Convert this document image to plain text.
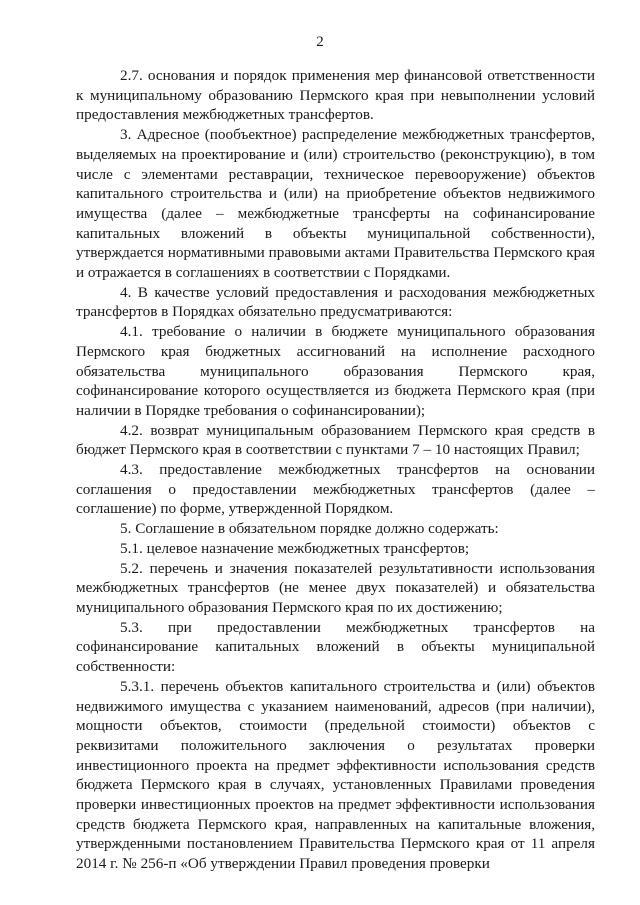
2

2.7. основания и порядок применения мер финансовой ответственности к муниципальному образованию Пермского края при невыполнении условий предоставления межбюджетных трансфертов.

3. Адресное (пообъектное) распределение межбюджетных трансфертов, выделяемых на проектирование и (или) строительство (реконструкцию), в том числе с элементами реставрации, техническое перевооружение) объектов капитального строительства и (или) на приобретение объектов недвижимого имущества (далее – межбюджетные трансферты на софинансирование капитальных вложений в объекты муниципальной собственности), утверждается нормативными правовыми актами Правительства Пермского края и отражается в соглашениях в соответствии с Порядками.

4. В качестве условий предоставления и расходования межбюджетных трансфертов в Порядках обязательно предусматриваются:

4.1. требование о наличии в бюджете муниципального образования Пермского края бюджетных ассигнований на исполнение расходного обязательства муниципального образования Пермского края, софинансирование которого осуществляется из бюджета Пермского края (при наличии в Порядке требования о софинансировании);

4.2. возврат муниципальным образованием Пермского края средств в бюджет Пермского края в соответствии с пунктами 7 – 10 настоящих Правил;

4.3. предоставление межбюджетных трансфертов на основании соглашения о предоставлении межбюджетных трансфертов (далее – соглашение) по форме, утвержденной Порядком.

5. Соглашение в обязательном порядке должно содержать:

5.1. целевое назначение межбюджетных трансфертов;

5.2. перечень и значения показателей результативности использования межбюджетных трансфертов (не менее двух показателей) и обязательства муниципального образования Пермского края по их достижению;

5.3. при предоставлении межбюджетных трансфертов на софинансирование капитальных вложений в объекты муниципальной собственности:

5.3.1. перечень объектов капитального строительства и (или) объектов недвижимого имущества с указанием наименований, адресов (при наличии), мощности объектов, стоимости (предельной стоимости) объектов с реквизитами положительного заключения о результатах проверки инвестиционного проекта на предмет эффективности использования средств бюджета Пермского края в случаях, установленных Правилами проведения проверки инвестиционных проектов на предмет эффективности использования средств бюджета Пермского края, направленных на капитальные вложения, утвержденными постановлением Правительства Пермского края от 11 апреля 2014 г. № 256-п «Об утверждении Правил проведения проверки
